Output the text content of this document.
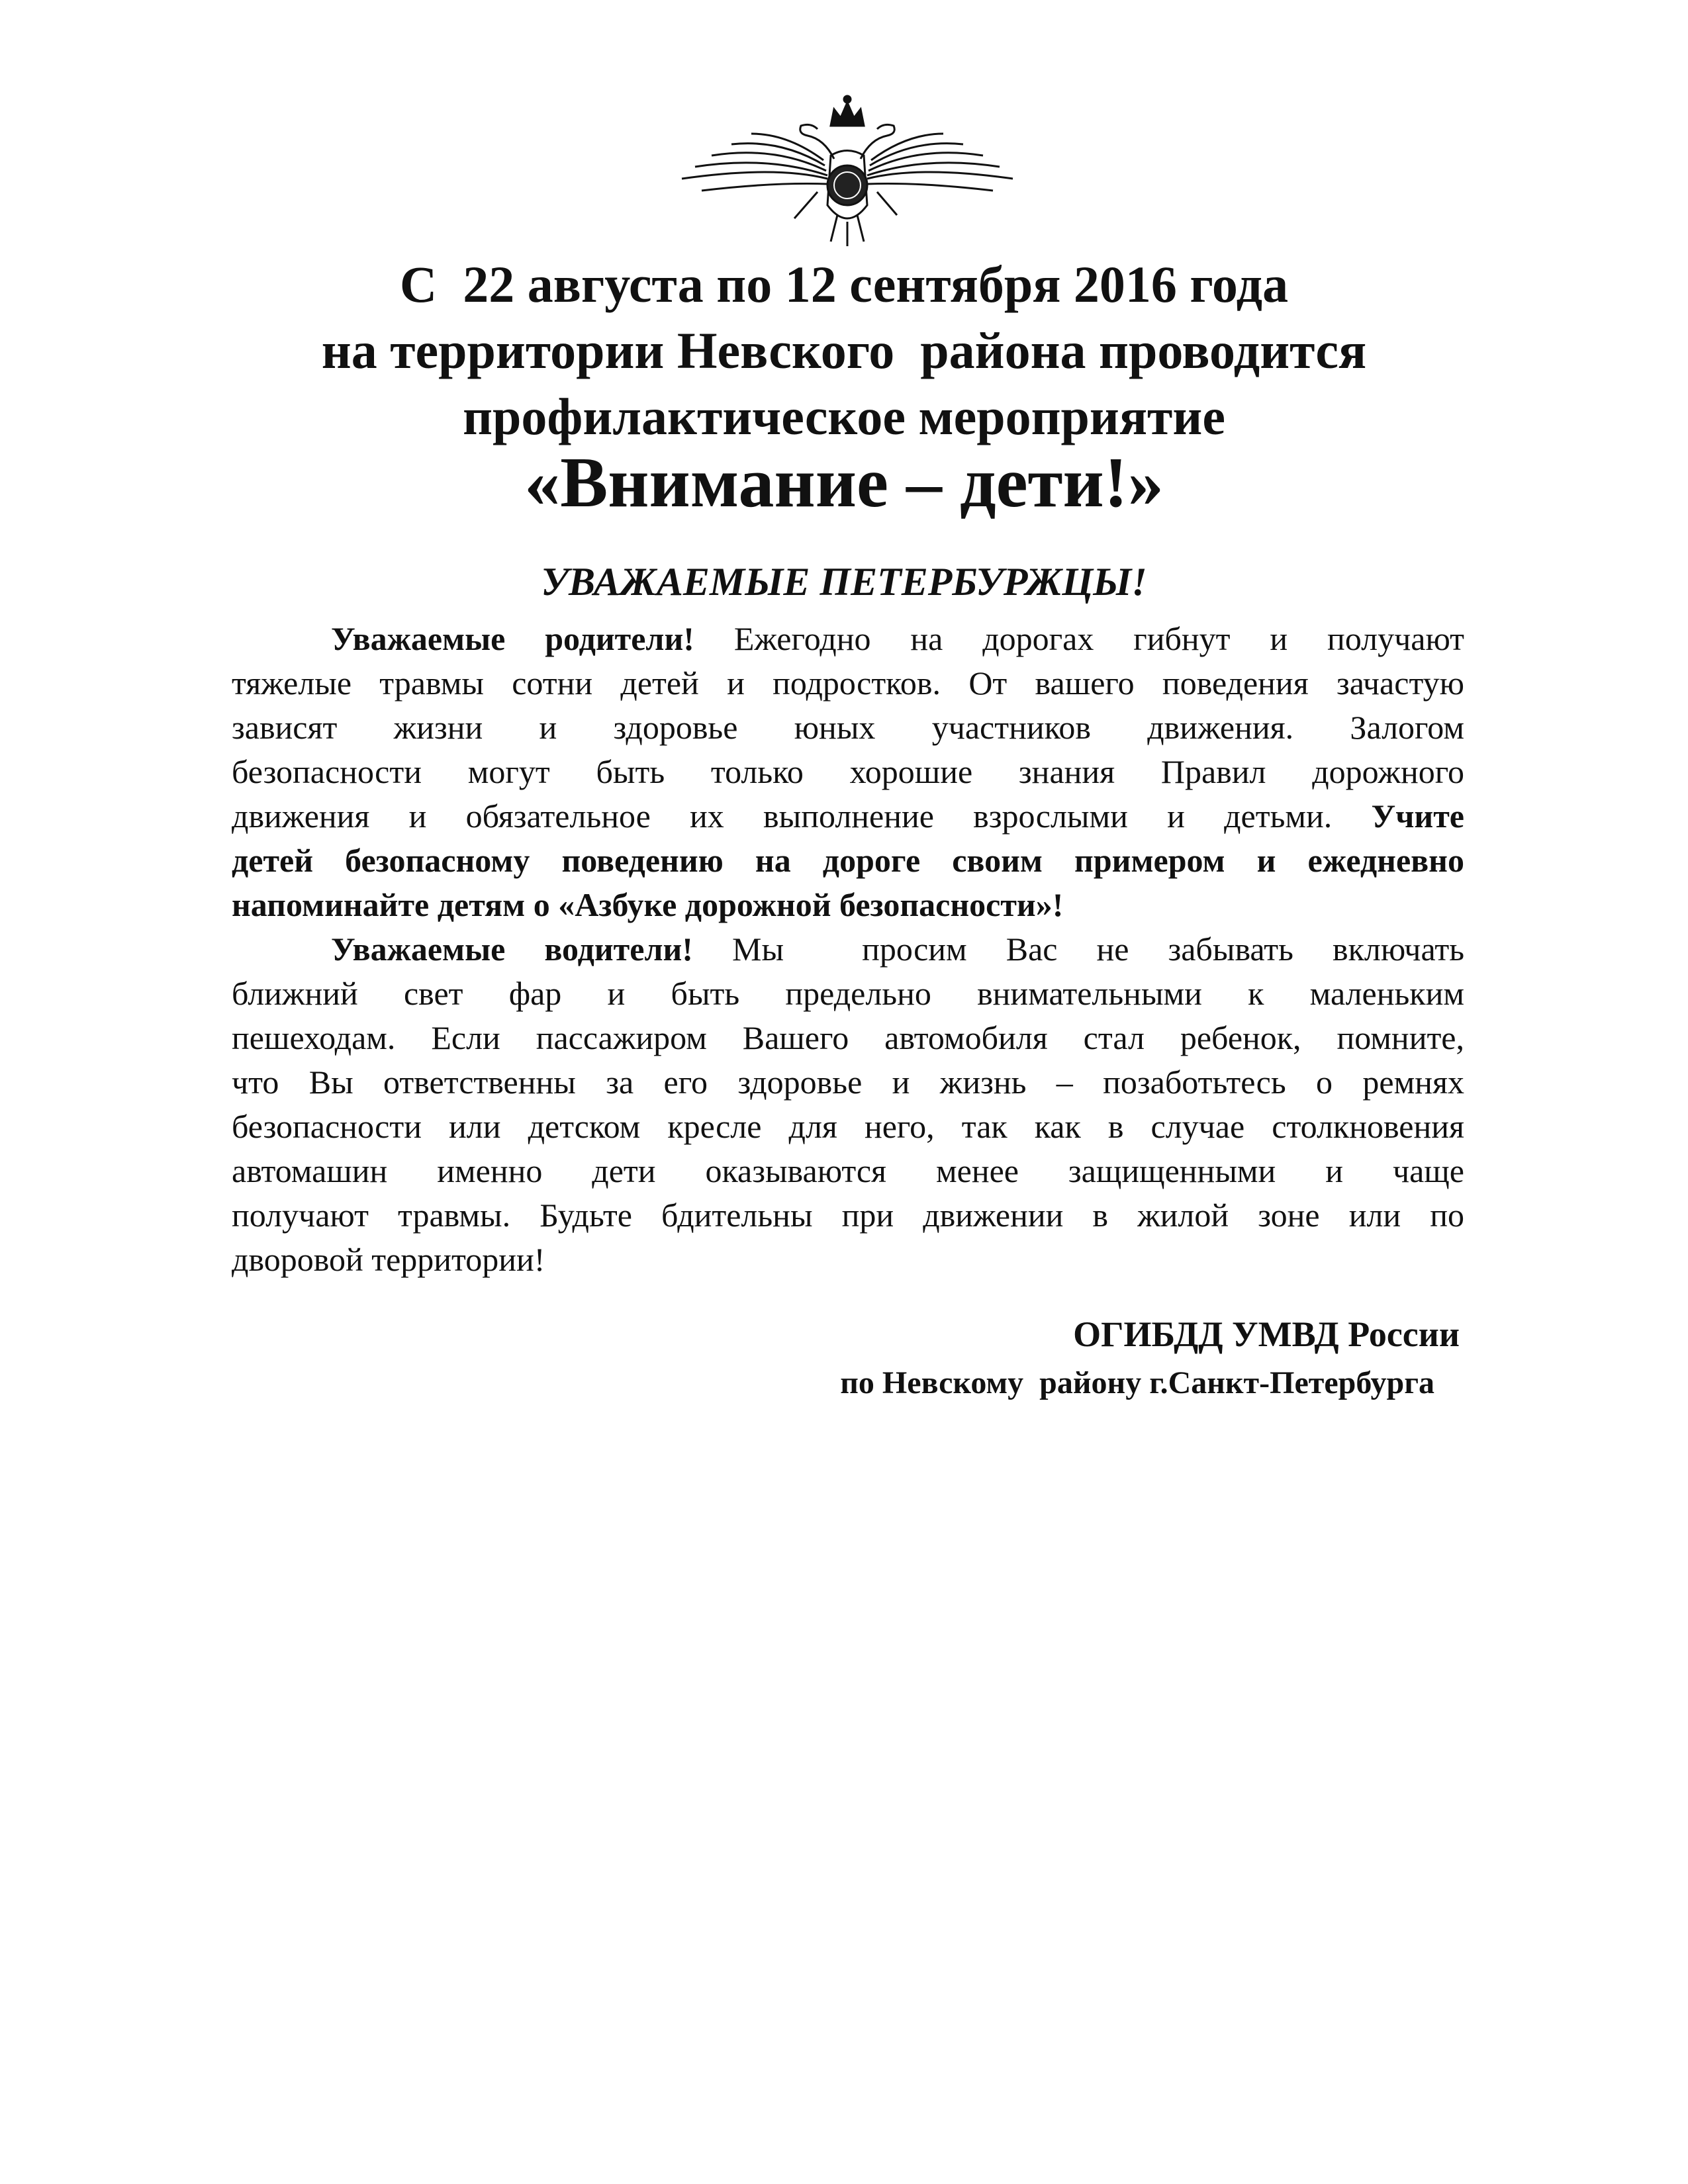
С  22 августа по 12 сентября 2016 года
на территории Невского  района проводится
профилактическое мероприятие
«Внимание – дети!»
УВАЖАЕМЫЕ ПЕТЕРБУРЖЦЫ!
Уважаемые родители! Ежегодно на дорогах гибнут и получают
тяжелые травмы сотни детей и подростков. От вашего поведения зачастую
зависят жизни и здоровье юных участников движения. Залогом
безопасности могут быть только хорошие знания Правил дорожного
движения и обязательное их выполнение взрослыми и детьми. Учите
детей безопасному поведению на дороге своим примером и ежедневно
напоминайте детям о «Азбуке дорожной безопасности»!
Уважаемые водители! Мы  просим Вас не забывать включать
ближний свет фар и быть предельно внимательными к маленьким
пешеходам. Если пассажиром Вашего автомобиля стал ребенок, помните,
что Вы ответственны за его здоровье и жизнь – позаботьтесь о ремнях
безопасности или детском кресле для него, так как в случае столкновения
автомашин именно дети оказываются менее защищенными и чаще
получают травмы. Будьте бдительны при движении в жилой зоне или по
дворовой территории!
ОГИБДД УМВД России
по Невскому  району г.Санкт-Петербурга
